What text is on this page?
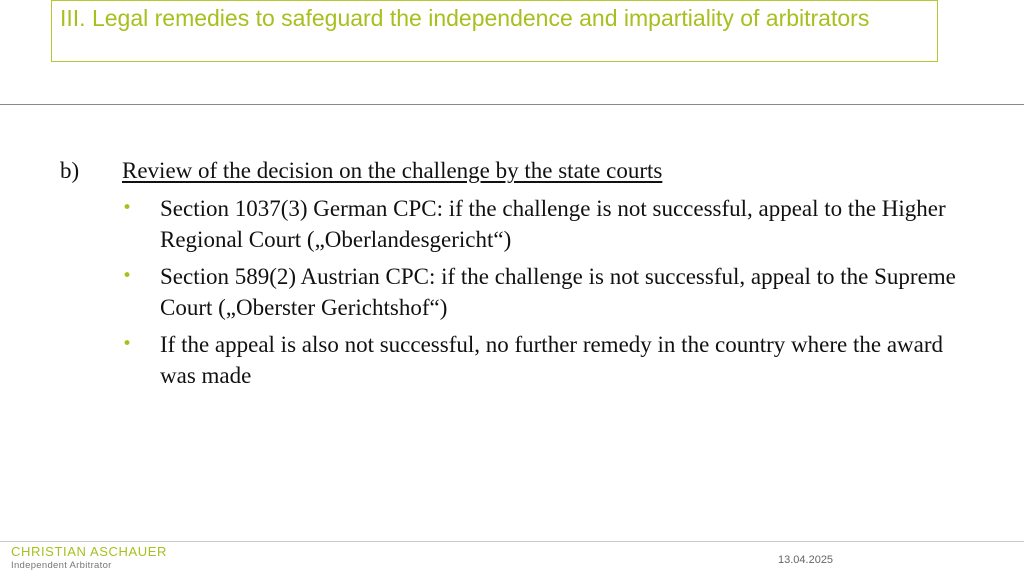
III. Legal remedies to safeguard the independence and impartiality of arbitrators
b) Review of the decision on the challenge by the state courts
• Section 1037(3) German CPC: if the challenge is not successful, appeal to the Higher Regional Court („Oberlandesgericht“)
• Section 589(2) Austrian CPC: if the challenge is not successful, appeal to the Supreme Court („Oberster Gerichtshof“)
• If the appeal is also not successful, no further remedy in the country where the award was made
CHRISTIAN ASCHAUER
Independent Arbitrator	13.04.2025
